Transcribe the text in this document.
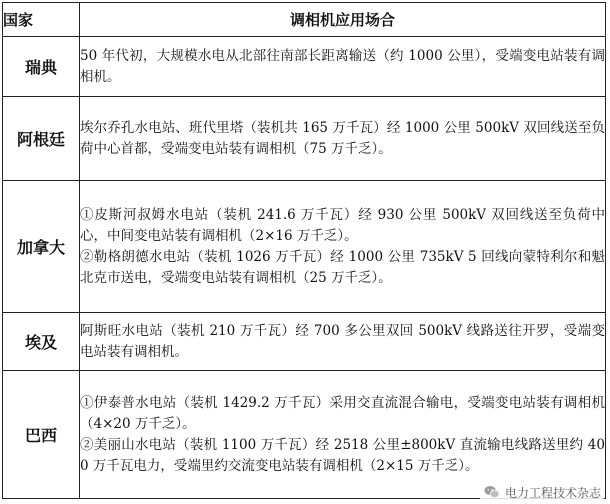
国家	调相机应用场合
瑞典	50 年代初，大规模水电从北部往南部长距离输送（约 1000 公里），受端变电站装有调相机。

阿根廷	埃尔乔孔水电站、班代里塔（装机共 165 万千瓦）经 1000 公里 500kV 双回线送至负荷中心首都，受端变电站装有调相机（75 万千乏）。

加拿大	①皮斯河叔姆水电站（装机 241.6 万千瓦）经 930 公里 500kV 双回线送至负荷中心，中间变电站装有调相机（2×16 万千乏）。
②勒格朗德水电站（装机 1026 万千瓦）经 1000 公里 735kV 5 回线向蒙特利尔和魁北克市送电，受端变电站装有调相机（25 万千乏）。

埃及	阿斯旺水电站（装机 210 万千瓦）经 700 多公里双回 500kV 线路送往开罗，受端变电站装有调相机。

巴西	①伊泰普水电站（装机 1429.2 万千瓦）采用交直流混合输电，受端变电站装有调相机（4×20 万千乏）。
②美丽山水电站（装机 1100 万千瓦）经 2518 公里±800kV 直流输电线路送里约 400 万千瓦电力，受端里约交流变电站装有调相机（2×15 万千乏）。
电力工程技术杂志
